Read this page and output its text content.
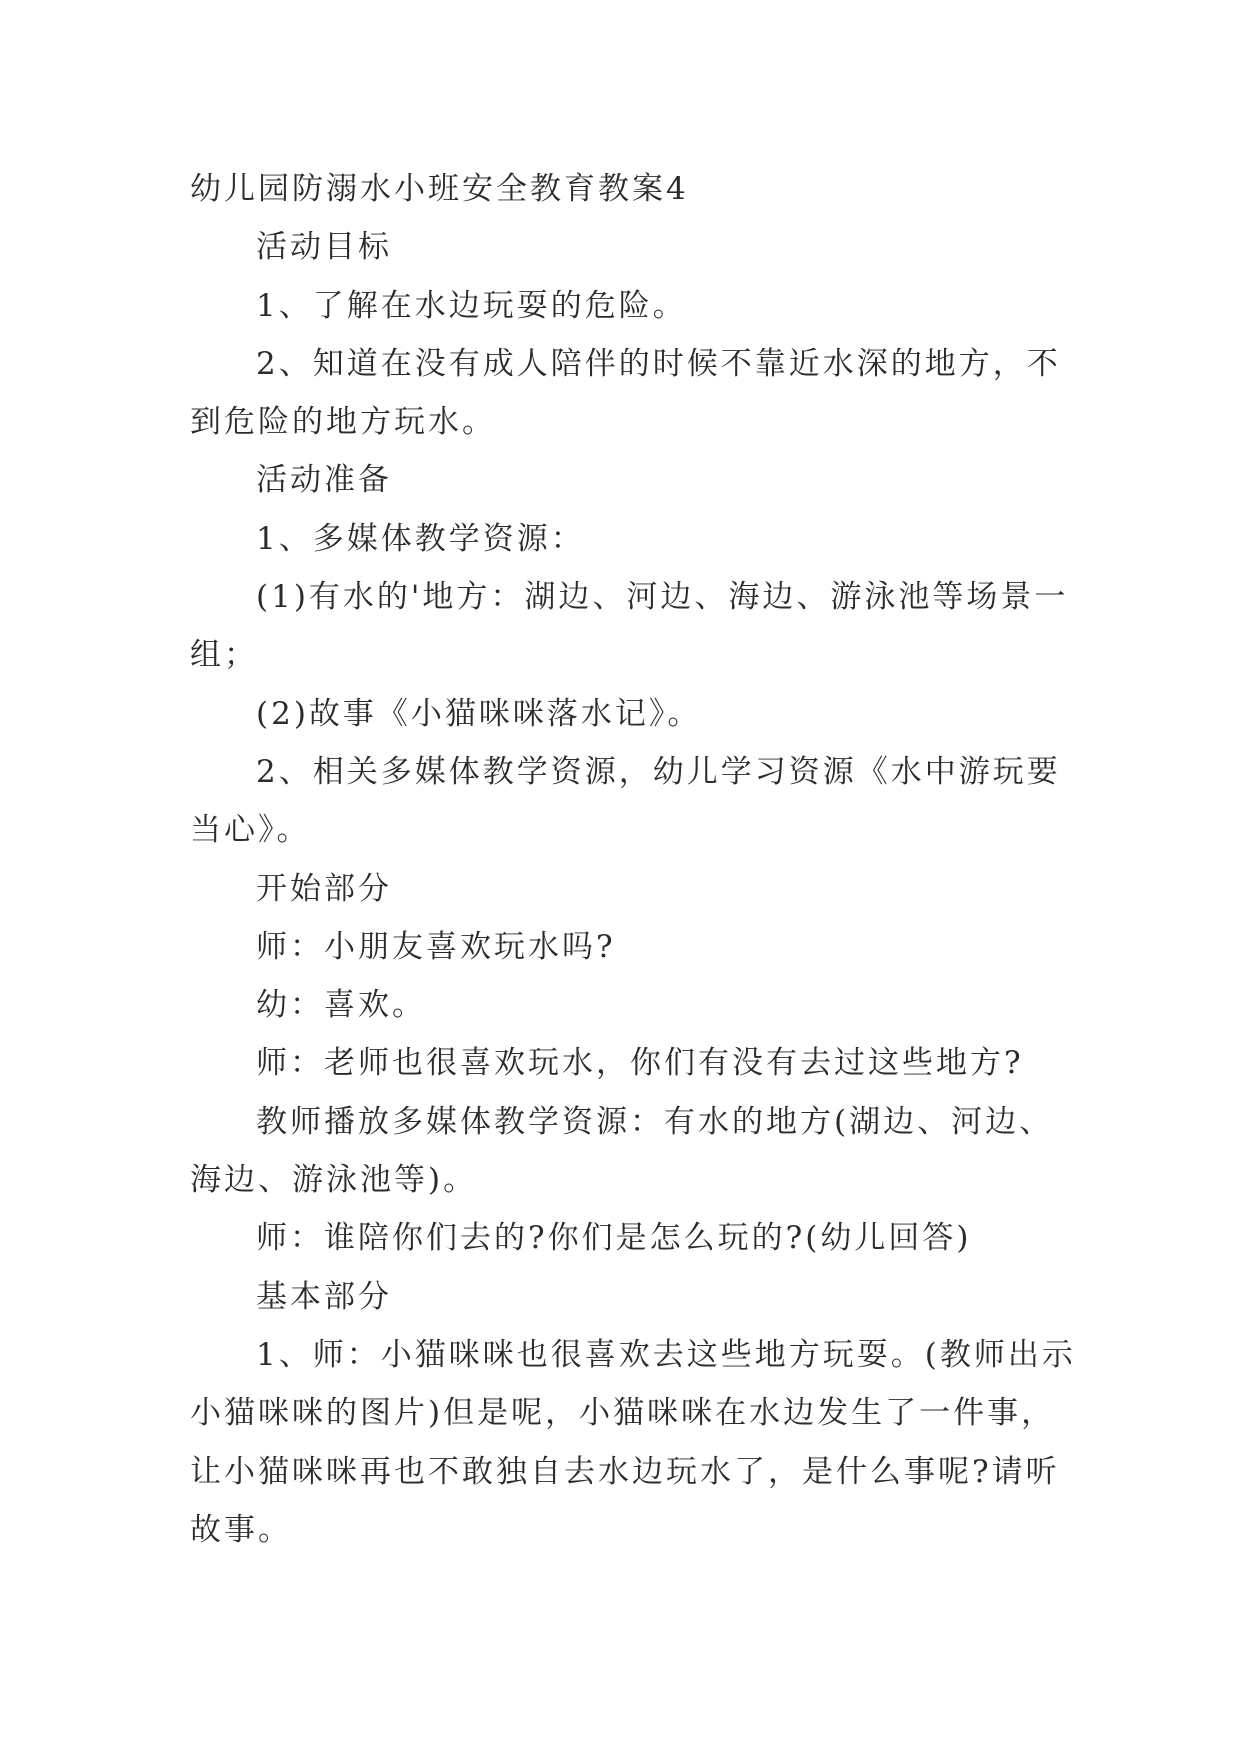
幼儿园防溺水小班安全教育教案4
活动目标
1、了解在水边玩耍的危险。
2、知道在没有成人陪伴的时候不靠近水深的地方，不
到危险的地方玩水。
活动准备
1、多媒体教学资源：
(1)有水的'地方：湖边、河边、海边、游泳池等场景一
组；
(2)故事《小猫咪咪落水记》。
2、相关多媒体教学资源，幼儿学习资源《水中游玩要
当心》。
开始部分
师：小朋友喜欢玩水吗?
幼：喜欢。
师：老师也很喜欢玩水，你们有没有去过这些地方?
教师播放多媒体教学资源：有水的地方(湖边、河边、
海边、游泳池等)。
师：谁陪你们去的?你们是怎么玩的?(幼儿回答)
基本部分
1、师：小猫咪咪也很喜欢去这些地方玩耍。(教师出示
小猫咪咪的图片)但是呢，小猫咪咪在水边发生了一件事，
让小猫咪咪再也不敢独自去水边玩水了，是什么事呢?请听
故事。
